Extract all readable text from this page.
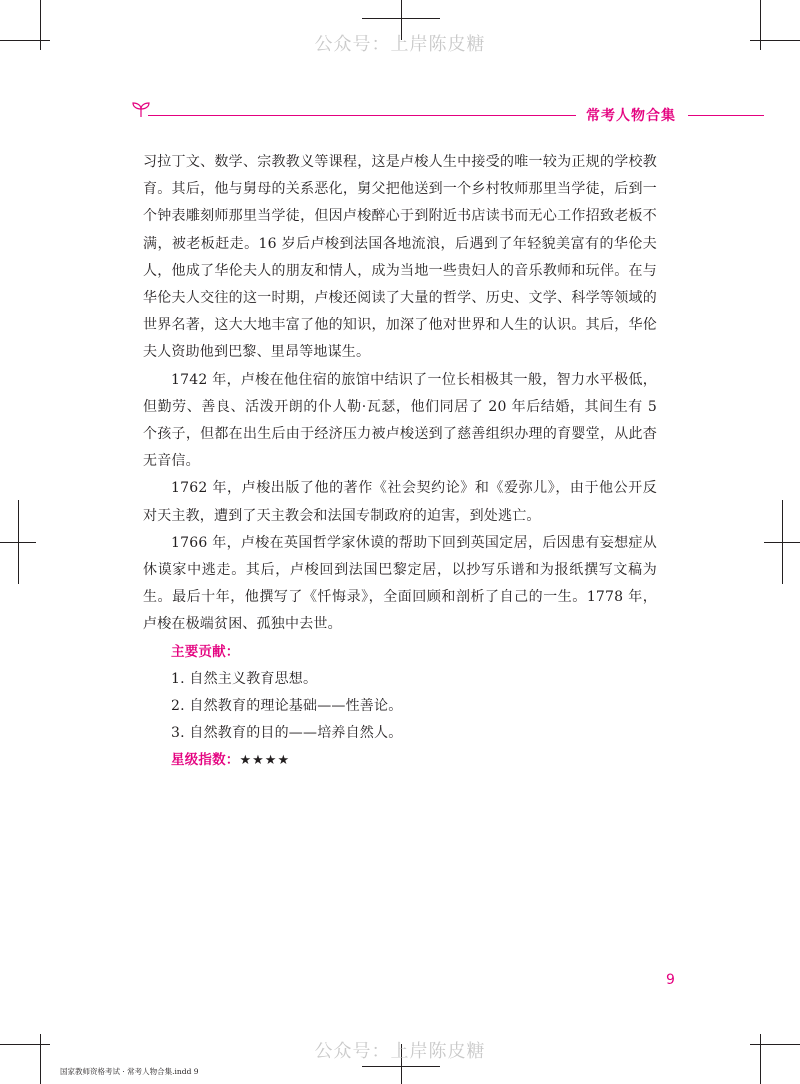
公众号：上岸陈皮糖
公众号：上岸陈皮糖
常考人物合集

习拉丁文、数学、宗教教义等课程，这是卢梭人生中接受的唯一较为正规的学校教育。其后，他与舅母的关系恶化，舅父把他送到一个乡村牧师那里当学徒，后到一个钟表雕刻师那里当学徒，但因卢梭醉心于到附近书店读书而无心工作招致老板不满，被老板赶走。16 岁后卢梭到法国各地流浪，后遇到了年轻貌美富有的华伦夫人，他成了华伦夫人的朋友和情人，成为当地一些贵妇人的音乐教师和玩伴。在与华伦夫人交往的这一时期，卢梭还阅读了大量的哲学、历史、文学、科学等领域的世界名著，这大大地丰富了他的知识，加深了他对世界和人生的认识。其后，华伦夫人资助他到巴黎、里昂等地谋生。

1742 年，卢梭在他住宿的旅馆中结识了一位长相极其一般，智力水平极低，但勤劳、善良、活泼开朗的仆人勒·瓦瑟，他们同居了 20 年后结婚，其间生有 5 个孩子，但都在出生后由于经济压力被卢梭送到了慈善组织办理的育婴堂，从此杳无音信。

1762 年，卢梭出版了他的著作《社会契约论》和《爱弥儿》，由于他公开反对天主教，遭到了天主教会和法国专制政府的迫害，到处逃亡。

1766 年，卢梭在英国哲学家休谟的帮助下回到英国定居，后因患有妄想症从休谟家中逃走。其后，卢梭回到法国巴黎定居，以抄写乐谱和为报纸撰写文稿为生。最后十年，他撰写了《忏悔录》，全面回顾和剖析了自己的一生。1778 年，卢梭在极端贫困、孤独中去世。

主要贡献：

1. 自然主义教育思想。

2. 自然教育的理论基础——性善论。

3. 自然教育的目的——培养自然人。

星级指数：★★★★

9
国家教师资格考试 · 常考人物合集.indd 9
